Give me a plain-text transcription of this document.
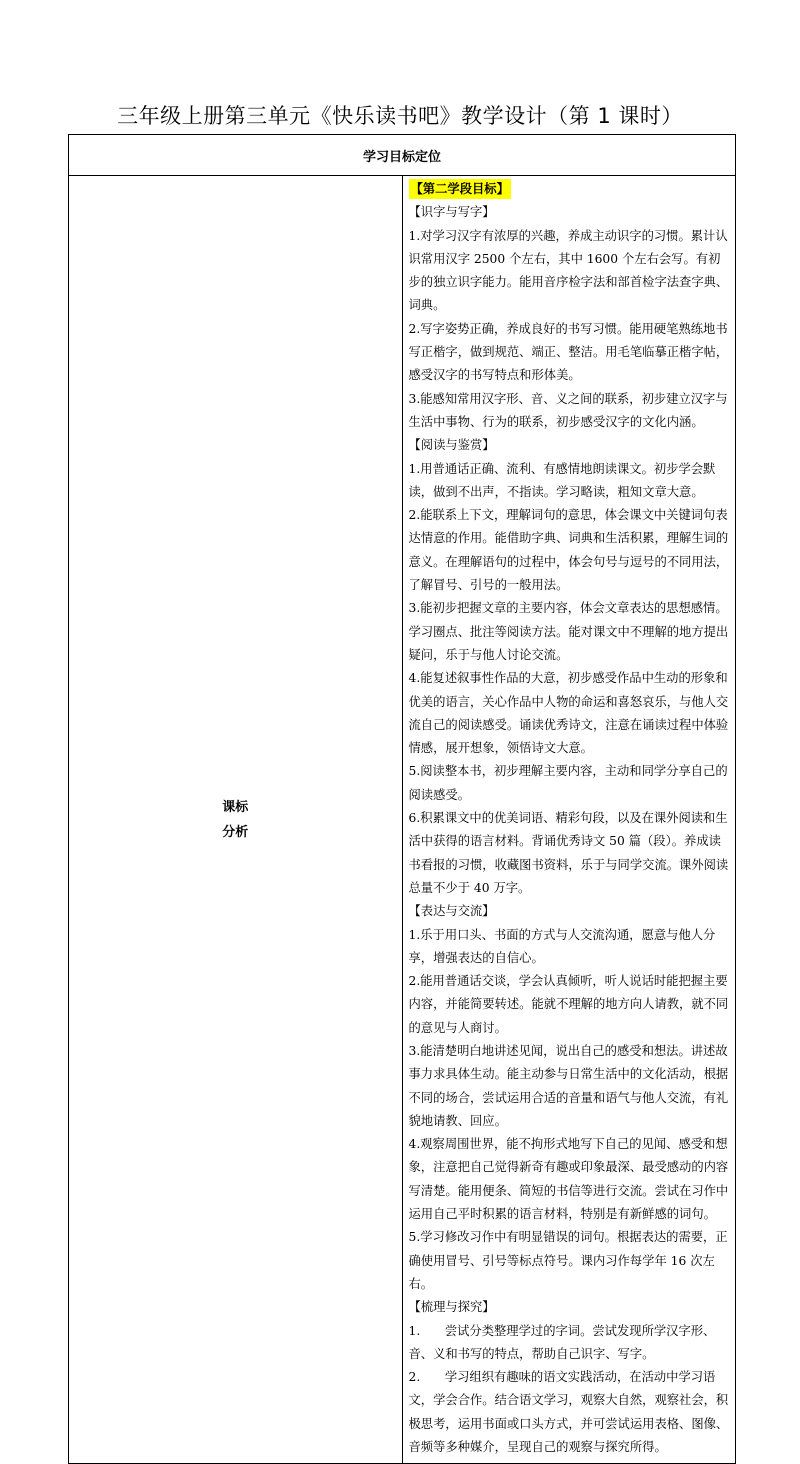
三年级上册第三单元《快乐读书吧》教学设计（第 1 课时）
学习目标定位

课标
分析

【第二学段目标】

【识字与写字】

1.对学习汉字有浓厚的兴趣，养成主动识字的习惯。累计认识常用汉字 2500 个左右，其中 1600 个左右会写。有初步的独立识字能力。能用音序检字法和部首检字法查字典、词典。

2.写字姿势正确，养成良好的书写习惯。能用硬笔熟练地书写正楷字，做到规范、端正、整洁。用毛笔临摹正楷字帖，感受汉字的书写特点和形体美。

3.能感知常用汉字形、音、义之间的联系，初步建立汉字与生活中事物、行为的联系，初步感受汉字的文化内涵。

【阅读与鉴赏】

1.用普通话正确、流利、有感情地朗读课文。初步学会默读，做到不出声，不指读。学习略读，粗知文章大意。

2.能联系上下文，理解词句的意思，体会课文中关键词句表达情意的作用。能借助字典、词典和生活积累，理解生词的意义。在理解语句的过程中，体会句号与逗号的不同用法，了解冒号、引号的一般用法。

3.能初步把握文章的主要内容，体会文章表达的思想感情。学习圈点、批注等阅读方法。能对课文中不理解的地方提出疑问，乐于与他人讨论交流。

4.能复述叙事性作品的大意，初步感受作品中生动的形象和优美的语言，关心作品中人物的命运和喜怒哀乐，与他人交流自己的阅读感受。诵读优秀诗文，注意在诵读过程中体验情感，展开想象，领悟诗文大意。

5.阅读整本书，初步理解主要内容，主动和同学分享自己的阅读感受。

6.积累课文中的优美词语、精彩句段，以及在课外阅读和生活中获得的语言材料。背诵优秀诗文 50 篇（段）。养成读书看报的习惯，收藏图书资料，乐于与同学交流。课外阅读总量不少于 40 万字。

【表达与交流】

1.乐于用口头、书面的方式与人交流沟通，愿意与他人分享，增强表达的自信心。

2.能用普通话交谈，学会认真倾听，听人说话时能把握主要内容，并能简要转述。能就不理解的地方向人请教，就不同的意见与人商讨。

3.能清楚明白地讲述见闻，说出自己的感受和想法。讲述故事力求具体生动。能主动参与日常生活中的文化活动，根据不同的场合，尝试运用合适的音量和语气与他人交流，有礼貌地请教、回应。

4.观察周围世界，能不拘形式地写下自己的见闻、感受和想象，注意把自己觉得新奇有趣或印象最深、最受感动的内容写清楚。能用便条、简短的书信等进行交流。尝试在习作中运用自己平时积累的语言材料，特别是有新鲜感的词句。

5.学习修改习作中有明显错误的词句。根据表达的需要，正确使用冒号、引号等标点符号。课内习作每学年 16 次左右。

【梳理与探究】

1.　　尝试分类整理学过的字词。尝试发现所学汉字形、音、义和书写的特点，帮助自己识字、写字。

2.　　学习组织有趣味的语文实践活动，在活动中学习语文，学会合作。结合语文学习，观察大自然，观察社会，积极思考，运用书面或口头方式，并可尝试运用表格、图像、音频等多种媒介，呈现自己的观察与探究所得。
